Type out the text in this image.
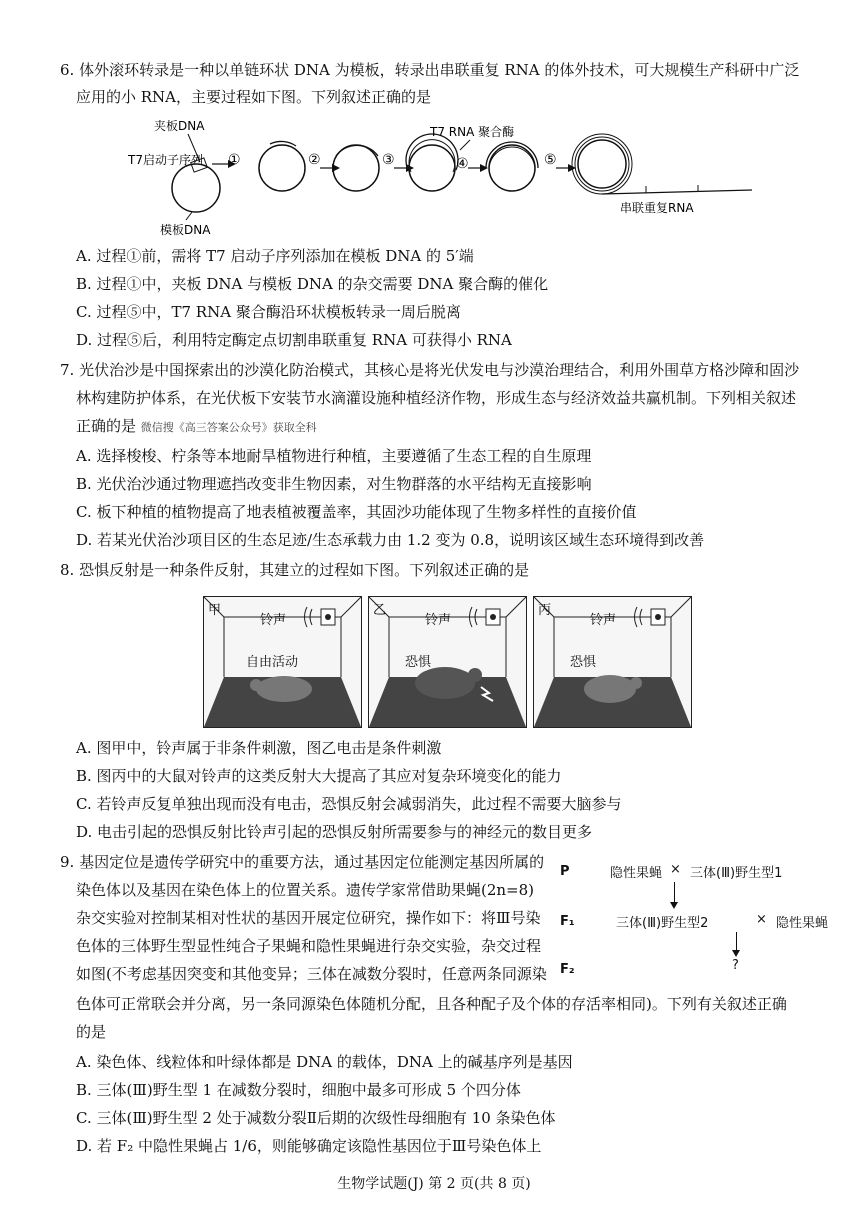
6. 体外滚环转录是一种以单链环状 DNA 为模板，转录出串联重复 RNA 的体外技术，可大规模生产科研中广泛
应用的小 RNA，主要过程如下图。下列叙述正确的是
夹板DNA
T7启动子序列
模板DNA
①	②	③
T7 RNA 聚合酶
④	⑤
串联重复RNA
A. 过程①前，需将 T7 启动子序列添加在模板 DNA 的 5′端
B. 过程①中，夹板 DNA 与模板 DNA 的杂交需要 DNA 聚合酶的催化
C. 过程⑤中，T7 RNA 聚合酶沿环状模板转录一周后脱离
D. 过程⑤后，利用特定酶定点切割串联重复 RNA 可获得小 RNA
7. 光伏治沙是中国探索出的沙漠化防治模式，其核心是将光伏发电与沙漠治理结合，利用外围草方格沙障和固沙
林构建防护体系，在光伏板下安装节水滴灌设施种植经济作物，形成生态与经济效益共赢机制。下列相关叙述
正确的是 微信搜《高三答案公众号》获取全科
A. 选择梭梭、柠条等本地耐旱植物进行种植，主要遵循了生态工程的自生原理
B. 光伏治沙通过物理遮挡改变非生物因素，对生物群落的水平结构无直接影响
C. 板下种植的植物提高了地表植被覆盖率，其固沙功能体现了生物多样性的直接价值
D. 若某光伏治沙项目区的生态足迹/生态承载力由 1.2 变为 0.8，说明该区域生态环境得到改善
8. 恐惧反射是一种条件反射，其建立的过程如下图。下列叙述正确的是
甲
铃声
自由活动
乙
铃声
恐惧
丙
铃声
恐惧
A. 图甲中，铃声属于非条件刺激，图乙电击是条件刺激
B. 图丙中的大鼠对铃声的这类反射大大提高了其应对复杂环境变化的能力
C. 若铃声反复单独出现而没有电击，恐惧反射会减弱消失，此过程不需要大脑参与
D. 电击引起的恐惧反射比铃声引起的恐惧反射所需要参与的神经元的数目更多
9. 基因定位是遗传学研究中的重要方法，通过基因定位能测定基因所属的
染色体以及基因在染色体上的位置关系。遗传学家常借助果蝇(2n=8)
杂交实验对控制某相对性状的基因开展定位研究，操作如下：将Ⅲ号染
色体的三体野生型显性纯合子果蝇和隐性果蝇进行杂交实验，杂交过程
如图(不考虑基因突变和其他变异；三体在减数分裂时，任意两条同源染
色体可正常联会并分离，另一条同源染色体随机分配，且各种配子及个体的存活率相同)。下列有关叙述正确
的是
P	隐性果蝇 × 三体(Ⅲ)野生型1
F₁	三体(Ⅲ)野生型2	× 隐性果蝇
?
F₂
A. 染色体、线粒体和叶绿体都是 DNA 的载体，DNA 上的碱基序列是基因
B. 三体(Ⅲ)野生型 1 在减数分裂时，细胞中最多可形成 5 个四分体
C. 三体(Ⅲ)野生型 2 处于减数分裂Ⅱ后期的次级性母细胞有 10 条染色体
D. 若 F₂ 中隐性果蝇占 1/6，则能够确定该隐性基因位于Ⅲ号染色体上
生物学试题(J) 第 2 页(共 8 页)
